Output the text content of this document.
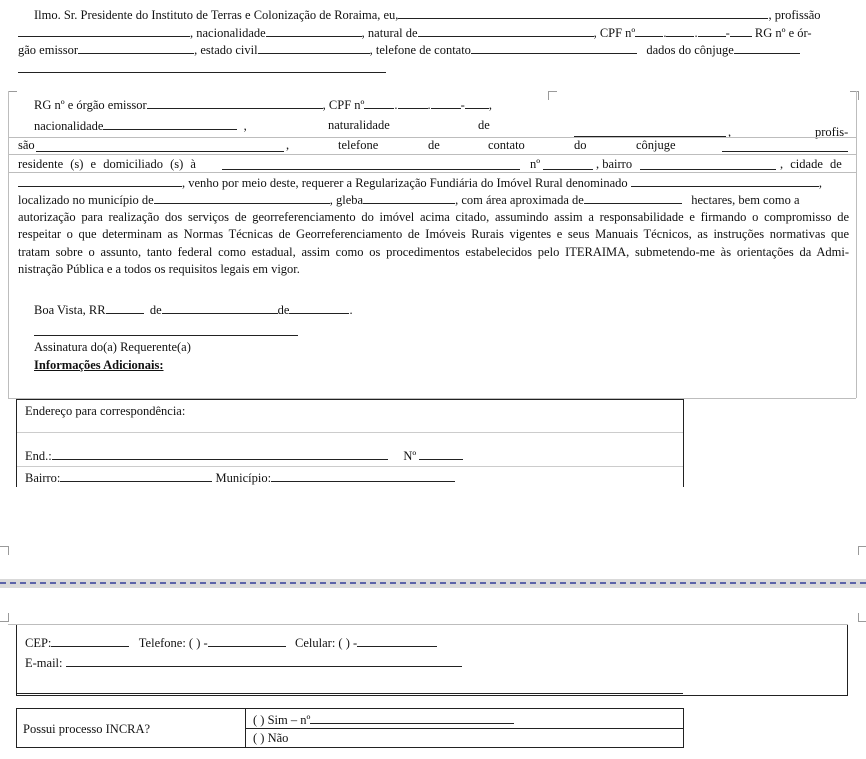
Ilmo. Sr. Presidente do Instituto de Terras e Colonização de Roraima, eu,	, profissão
, nacionalidade	, natural de	, CPF nº . . - RG nº e ór-
gão emissor	, estado civil	, telefone de contato	dados do cônjuge
RG nº e órgão emissor	, CPF nº . . - ,
nacionalidade	,	naturalidade	de	,	profis-
são	,	telefone	de	contato	do	cônjuge
residente (s) e domiciliado (s) à	nº	, bairro	, cidade de
, venho por meio deste, requerer a Regularização Fundiária do Imóvel Rural denominado	,
localizado no município de	, gleba	, com área aproximada de	hectares, bem como a
autorização para realização dos serviços de georreferenciamento do imóvel acima citado, assumindo assim a responsabilidade e firmando o compromisso de
respeitar o que determinam as Normas Técnicas de Georreferenciamento de Imóveis Rurais vigentes e seus Manuais Técnicos, as instruções normativas que
tratam sobre o assunto, tanto federal como estadual, assim como os procedimentos estabelecidos pelo ITERAIMA, submetendo-me às orientações da Admi-
nistração Pública e a todos os requisitos legais em vigor.
Boa Vista, RR	de	de	.
Assinatura do(a) Requerente(a)
Informações Adicionais:
Endereço para correspondência:
End.:	Nº
Bairro:	Município:
CEP:	Telefone: ( ) -	Celular: ( ) -
E-mail:
Possui processo INCRA?
( ) Sim – nº
( ) Não
